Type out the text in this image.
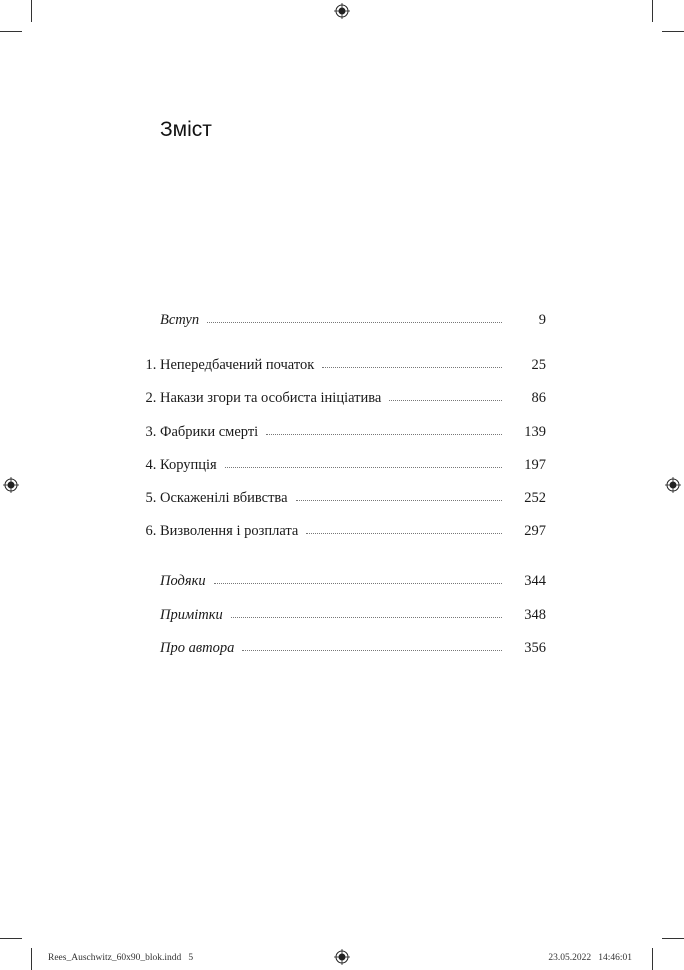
Зміст
Вступ	9
1. Непередбачений початок	25
2. Накази згори та особиста ініціатива	86
3. Фабрики смерті	139
4. Корупція	197
5. Оскаженілі вбивства	252
6. Визволення і розплата	297
Подяки	344
Примітки	348
Про автора	356
Rees_Auschwitz_60x90_blok.indd   5	23.05.2022   14:46:01
